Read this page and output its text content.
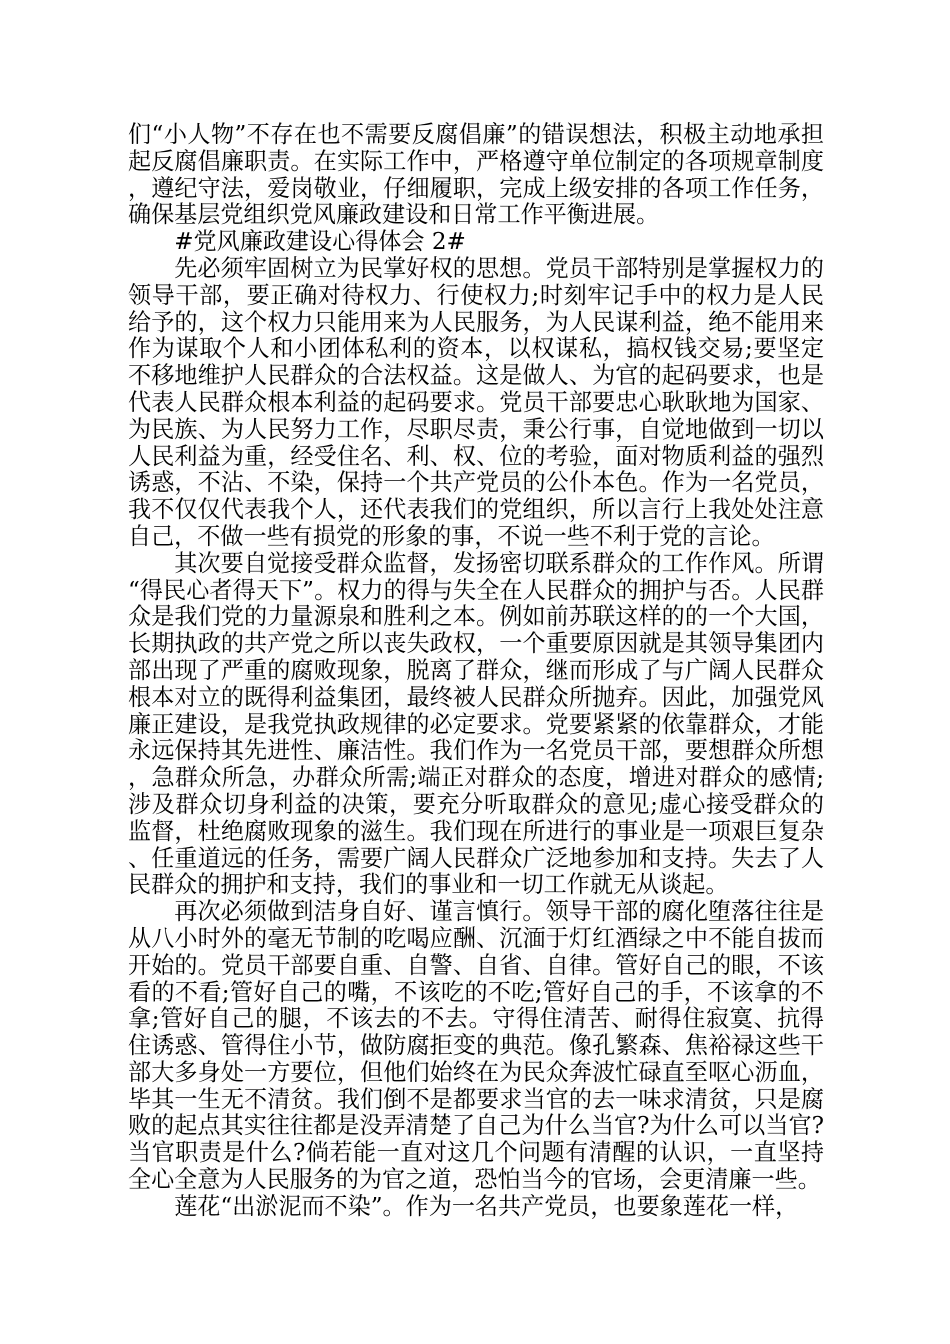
们“小人物”不存在也不需要反腐倡廉”的错误想法，积极主动地承担起反腐倡廉职责。在实际工作中，严格遵守单位制定的各项规章制度，遵纪守法，爱岗敬业，仔细履职，完成上级安排的各项工作任务，确保基层党组织党风廉政建设和日常工作平衡进展。

#党风廉政建设心得体会 2#

先必须牢固树立为民掌好权的思想。党员干部特别是掌握权力的领导干部，要正确对待权力、行使权力;时刻牢记手中的权力是人民给予的，这个权力只能用来为人民服务，为人民谋利益，绝不能用来作为谋取个人和小团体私利的资本，以权谋私，搞权钱交易;要坚定不移地维护人民群众的合法权益。这是做人、为官的起码要求，也是代表人民群众根本利益的起码要求。党员干部要忠心耿耿地为国家、为民族、为人民努力工作，尽职尽责，秉公行事，自觉地做到一切以人民利益为重，经受住名、利、权、位的考验，面对物质利益的强烈诱惑，不沾、不染，保持一个共产党员的公仆本色。作为一名党员，我不仅仅代表我个人，还代表我们的党组织，所以言行上我处处注意自己，不做一些有损党的形象的事，不说一些不利于党的言论。

其次要自觉接受群众监督，发扬密切联系群众的工作作风。所谓“得民心者得天下”。权力的得与失全在人民群众的拥护与否。人民群众是我们党的力量源泉和胜利之本。例如前苏联这样的的一个大国，长期执政的共产党之所以丧失政权，一个重要原因就是其领导集团内部出现了严重的腐败现象，脱离了群众，继而形成了与广阔人民群众根本对立的既得利益集团，最终被人民群众所抛弃。因此，加强党风廉正建设，是我党执政规律的必定要求。党要紧紧的依靠群众，才能永远保持其先进性、廉洁性。我们作为一名党员干部，要想群众所想，急群众所急，办群众所需;端正对群众的态度，增进对群众的感情;涉及群众切身利益的决策，要充分听取群众的意见;虚心接受群众的监督，杜绝腐败现象的滋生。我们现在所进行的事业是一项艰巨复杂、任重道远的任务，需要广阔人民群众广泛地参加和支持。失去了人民群众的拥护和支持，我们的事业和一切工作就无从谈起。

再次必须做到洁身自好、谨言慎行。领导干部的腐化堕落往往是从八小时外的毫无节制的吃喝应酬、沉湎于灯红酒绿之中不能自拔而开始的。党员干部要自重、自警、自省、自律。管好自己的眼，不该看的不看;管好自己的嘴，不该吃的不吃;管好自己的手，不该拿的不拿;管好自己的腿，不该去的不去。守得住清苦、耐得住寂寞、抗得住诱惑、管得住小节，做防腐拒变的典范。像孔繁森、焦裕禄这些干部大多身处一方要位，但他们始终在为民众奔波忙碌直至呕心沥血，毕其一生无不清贫。我们倒不是都要求当官的去一味求清贫，只是腐败的起点其实往往都是没弄清楚了自己为什么当官?为什么可以当官?当官职责是什么?倘若能一直对这几个问题有清醒的认识，一直坚持全心全意为人民服务的为官之道，恐怕当今的官场，会更清廉一些。

莲花“出淤泥而不染”。作为一名共产党员，也要象莲花一样，
